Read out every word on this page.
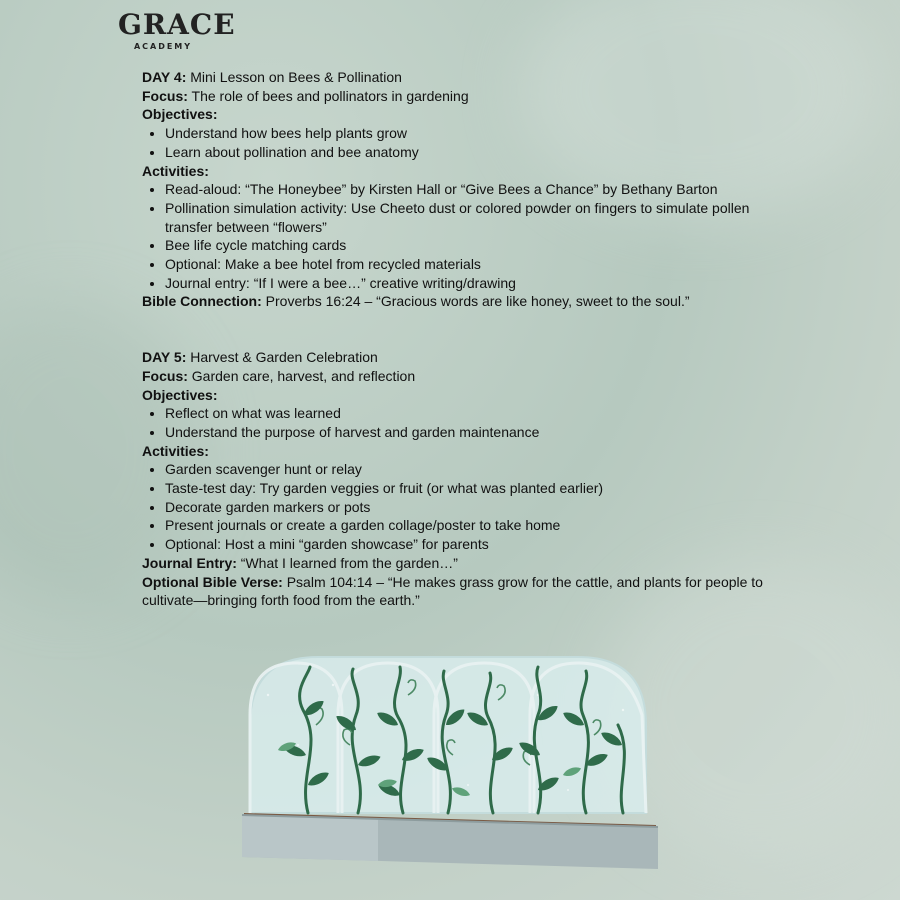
GRACE
ACADEMY

DAY 4: Mini Lesson on Bees & Pollination

Focus: The role of bees and pollinators in gardening

Objectives:

• Understand how bees help plants grow
• Learn about pollination and bee anatomy

Activities:

• Read-aloud: “The Honeybee” by Kirsten Hall or “Give Bees a Chance” by Bethany Barton
• Pollination simulation activity: Use Cheeto dust or colored powder on fingers to simulate pollen transfer between “flowers”
• Bee life cycle matching cards
• Optional: Make a bee hotel from recycled materials
• Journal entry: “If I were a bee…” creative writing/drawing

Bible Connection: Proverbs 16:24 – “Gracious words are like honey, sweet to the soul.”

DAY 5: Harvest & Garden Celebration

Focus: Garden care, harvest, and reflection

Objectives:

• Reflect on what was learned
• Understand the purpose of harvest and garden maintenance

Activities:

• Garden scavenger hunt or relay
• Taste-test day: Try garden veggies or fruit (or what was planted earlier)
• Decorate garden markers or pots
• Present journals or create a garden collage/poster to take home
• Optional: Host a mini “garden showcase” for parents

Journal Entry: “What I learned from the garden…”

Optional Bible Verse: Psalm 104:14 – “He makes grass grow for the cattle, and plants for people to cultivate—bringing forth food from the earth.”
